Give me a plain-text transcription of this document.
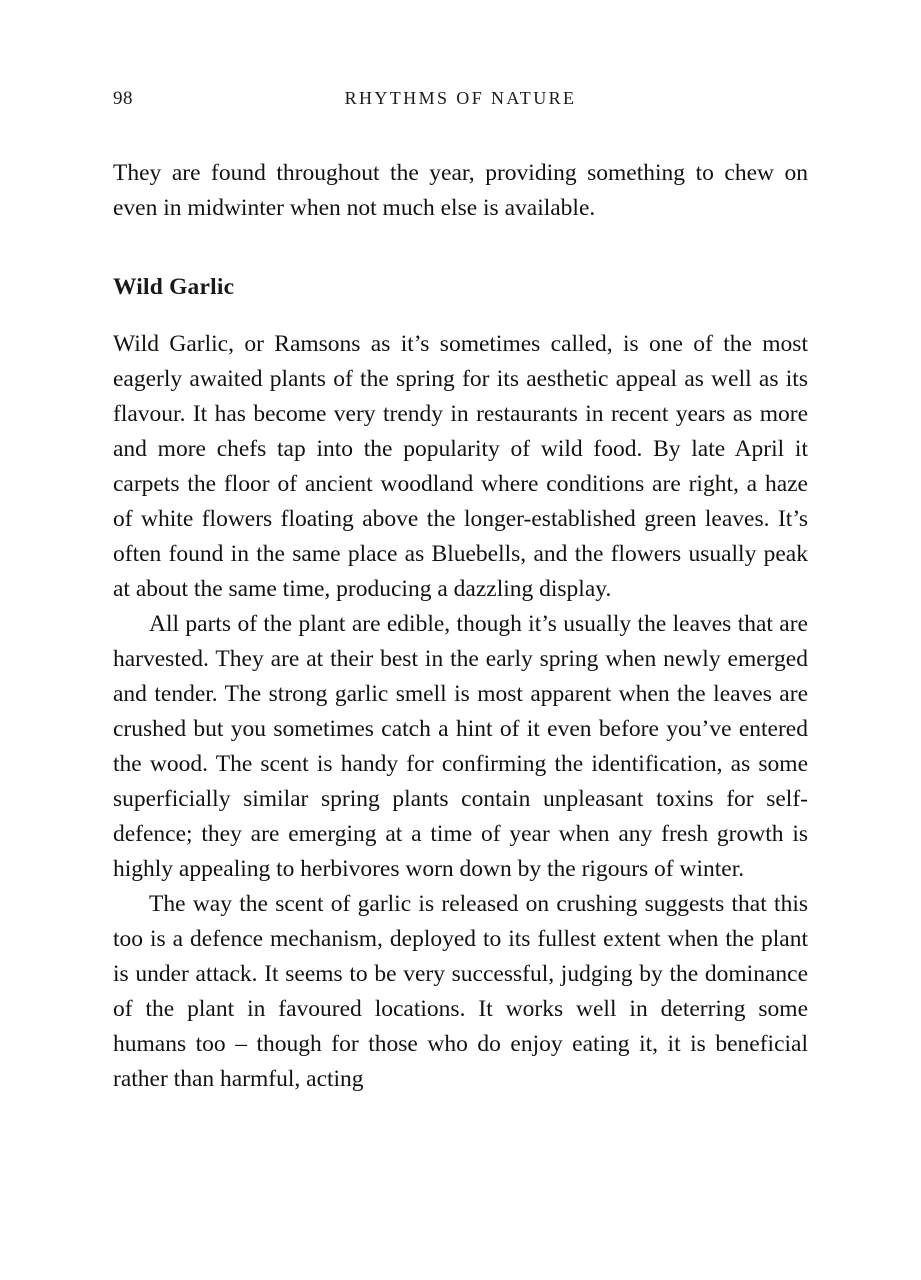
98	RHYTHMS OF NATURE

They are found throughout the year, providing something to chew on even in midwinter when not much else is available.

Wild Garlic

Wild Garlic, or Ramsons as it’s sometimes called, is one of the most eagerly awaited plants of the spring for its aesthetic appeal as well as its flavour. It has become very trendy in restaurants in recent years as more and more chefs tap into the popularity of wild food. By late April it carpets the floor of ancient woodland where conditions are right, a haze of white flowers floating above the longer-established green leaves. It’s often found in the same place as Bluebells, and the flowers usually peak at about the same time, producing a dazzling display.

All parts of the plant are edible, though it’s usually the leaves that are harvested. They are at their best in the early spring when newly emerged and tender. The strong garlic smell is most apparent when the leaves are crushed but you sometimes catch a hint of it even before you’ve entered the wood. The scent is handy for confirming the identification, as some superficially similar spring plants contain unpleasant toxins for self-defence; they are emerging at a time of year when any fresh growth is highly appealing to herbivores worn down by the rigours of winter.

The way the scent of garlic is released on crushing suggests that this too is a defence mechanism, deployed to its fullest extent when the plant is under attack. It seems to be very successful, judging by the dominance of the plant in favoured locations. It works well in deterring some humans too – though for those who do enjoy eating it, it is beneficial rather than harmful, acting
